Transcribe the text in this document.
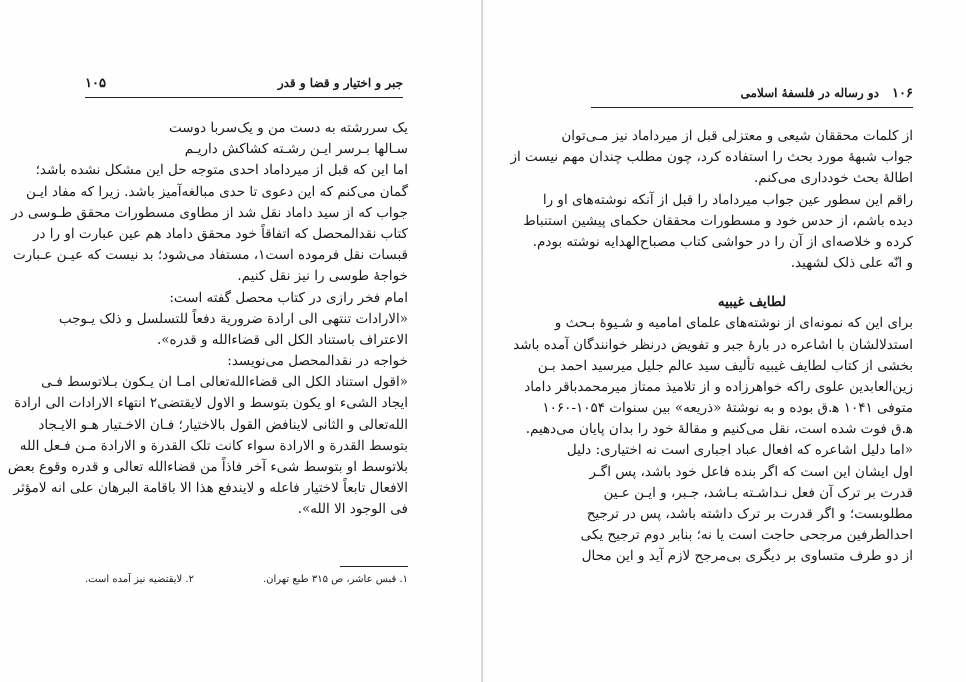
جبر و اختیار و قضا و قدر
۱۰۵
یک سررشته به دست من و یک‌سربا دوست
سـالها بـرسر ایـن رشـته کشاکش داریـم
اما این که قبل از میرداماد احدی متوجه حل این مشکل نشده باشد؛
گمان می‌کنم که این دعوی تا حدی مبالغه‌آمیز باشد. زیرا که مفاد ایـن
جواب که از سید داماد نقل شد از مطاوی مسطورات محقق طـوسی در
کتاب نقدالمحصل که اتفاقاً خود محقق داماد هم عین عبارت او را در
قبسات نقل فرموده است۱، مستفاد می‌شود؛ بد نیست که عیـن عـبارت
خواجهٔ طوسی را نیز نقل کنیم.
امام فخر رازی در کتاب محصل گفته است:
«الارادات تنتهی الی ارادة ضروریة دفعاً للتسلسل و ذلک یـوجب
الاعتراف باستناد الکل الی قضاءالله و قدره».
خواجه در نقدالمحصل می‌نویسد:
«اقول استناد الکل الی قضاءالله‌تعالی امـا ان یـکون بـلاتوسط فـی
ایجاد الشیء او یکون بتوسط و الاول لایقتضی۲ انتهاء الارادات الی ارادة
الله‌تعالی و الثانی لاینافض القول بالاختیار؛ فـان الاخـتیار هـو الایـجاد
بتوسط القدرة و الارادة سواء کانت تلک القدرة و الارادة مـن فـعل الله
بلاتوسط او بتوسط شیء آخر فاذاً من قضاءالله تعالی و قدره وقوع بعض
الافعال تابعاً لاختیار فاعله و لایندفع هذا الا باقامة البرهان علی انه لامؤثر
فی الوجود الا الله».
۱. قبس عاشر، ص ۳۱۵ طبع تهران.
۲. لایقتضیه نیز آمده است.
۱۰۶
دو رساله در فلسفهٔ اسلامی
از کلمات محققان شیعی و معتزلی قبل از میرداماد نیز مـی‌توان
جواب شبههٔ مورد بحث را استفاده کرد، چون مطلب چندان مهم نیست از
اطالهٔ بحث خودداری می‌کنم.
راقم این سطور عین جواب میرداماد را قبل از آنکه نوشته‌های او را
دیده باشم، از حدس خود و مسطورات محققان حکمای پیشین استنباط
کرده و خلاصه‌ای از آن را در حواشی کتاب مصباح‌الهدایه نوشته بودم.
و انّه علی ذلک لشهید.
لطایف غیبیه
برای این که نمونه‌ای از نوشته‌های علمای امامیه و شـیوهٔ بـحث و
استدلالشان با اشاعره در بارهٔ جبر و تفویض درنظر خوانندگان آمده باشد
بخشی از کتاب لطایف غیبیه تألیف سید عالم جلیل میرسید احمد بـن
زین‌العابدین علوی راکه خواهرزاده و از تلامیذ ممتاز میرمحمدباقر داماد
متوفی ۱۰۴۱ ه‍.ق بوده و به نوشتهٔ «ذریعه» بین سنوات ۱۰۵۴-۱۰۶۰
ه‍.ق فوت شده است، نقل می‌کنیم و مقالهٔ خود را بدان پایان می‌دهیم.
«اما دلیل اشاعره که افعال عباد اجباری است نه اختیاری: دلیل
اول ایشان این است که اگر بنده فاعل خود باشد، پس اگـر
قدرت بر ترک آن فعل نـداشـته بـاشد، جـبر، و ایـن عـین
مطلوبست؛ و اگر قدرت بر ترک داشته باشد، پس در ترجیح
احدالطرفین مرجحی حاجت است یا نه؛ بنابر دوم ترجیح یکی
از دو طرف متساوی بر دیگری بی‌مرجح لازم آید و این محال
